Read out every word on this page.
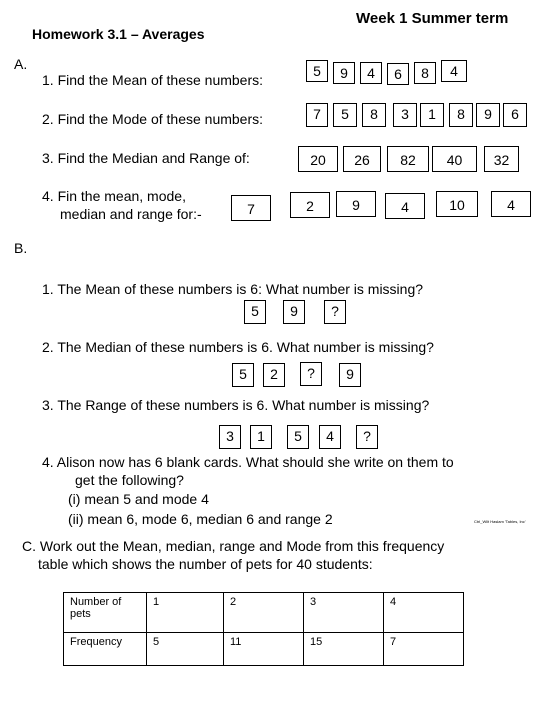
Homework 3.1 – Averages
Week 1 Summer term
A.
1. Find the Mean of these numbers:
5	9	4	6	8	4
2. Find the Mode of these numbers:	7	5	8	3	1	8	9	6
3. Find the Median and Range of:	20	26	82	40	32
4. Fin the mean, mode,
median and range for:-	7	2	9	4	10	4
B.
1. The Mean of these numbers is 6: What number is missing?
5	9	?
2. The Median of these numbers is 6. What number is missing?
5	2	?	9
3. The Range of these numbers is 6. What number is missing?
3	1	5	4	?
4. Alison now has 6 blank cards. What should she write on them to
get the following?
(i) mean 5 and mode 4
(ii) mean 6, mode 6, median 6 and range 2	Ctrl_Wilt Haslam 'Tables, Inc'
C. Work out the Mean, median, range and Mode from this frequency
table which shows the number of pets for 40 students:
Number of pets	1	2	3	4
Frequency	5	11	15	7
